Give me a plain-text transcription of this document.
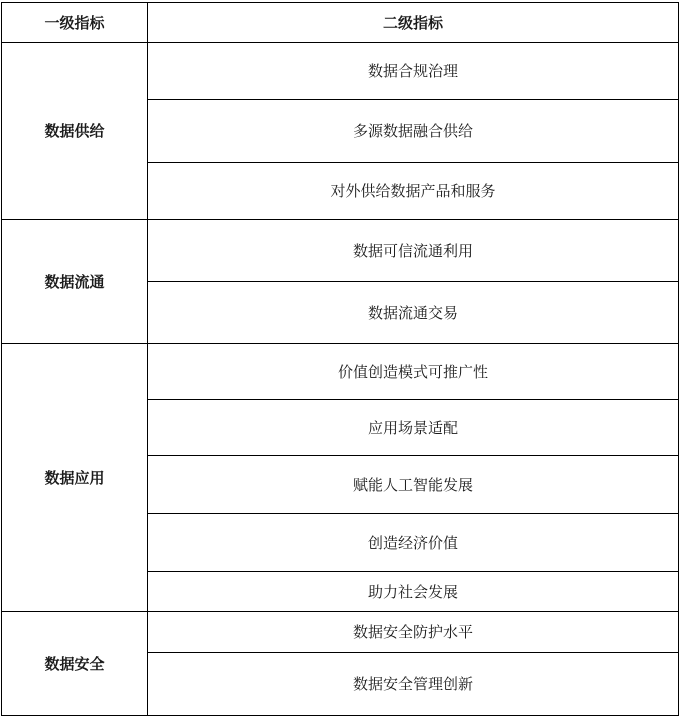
一级指标	二级指标
数据供给	数据合规治理
	多源数据融合供给
	对外供给数据产品和服务
数据流通	数据可信流通利用
	数据流通交易
数据应用	价值创造模式可推广性
	应用场景适配
	赋能人工智能发展
	创造经济价值
	助力社会发展
数据安全	数据安全防护水平
	数据安全管理创新
